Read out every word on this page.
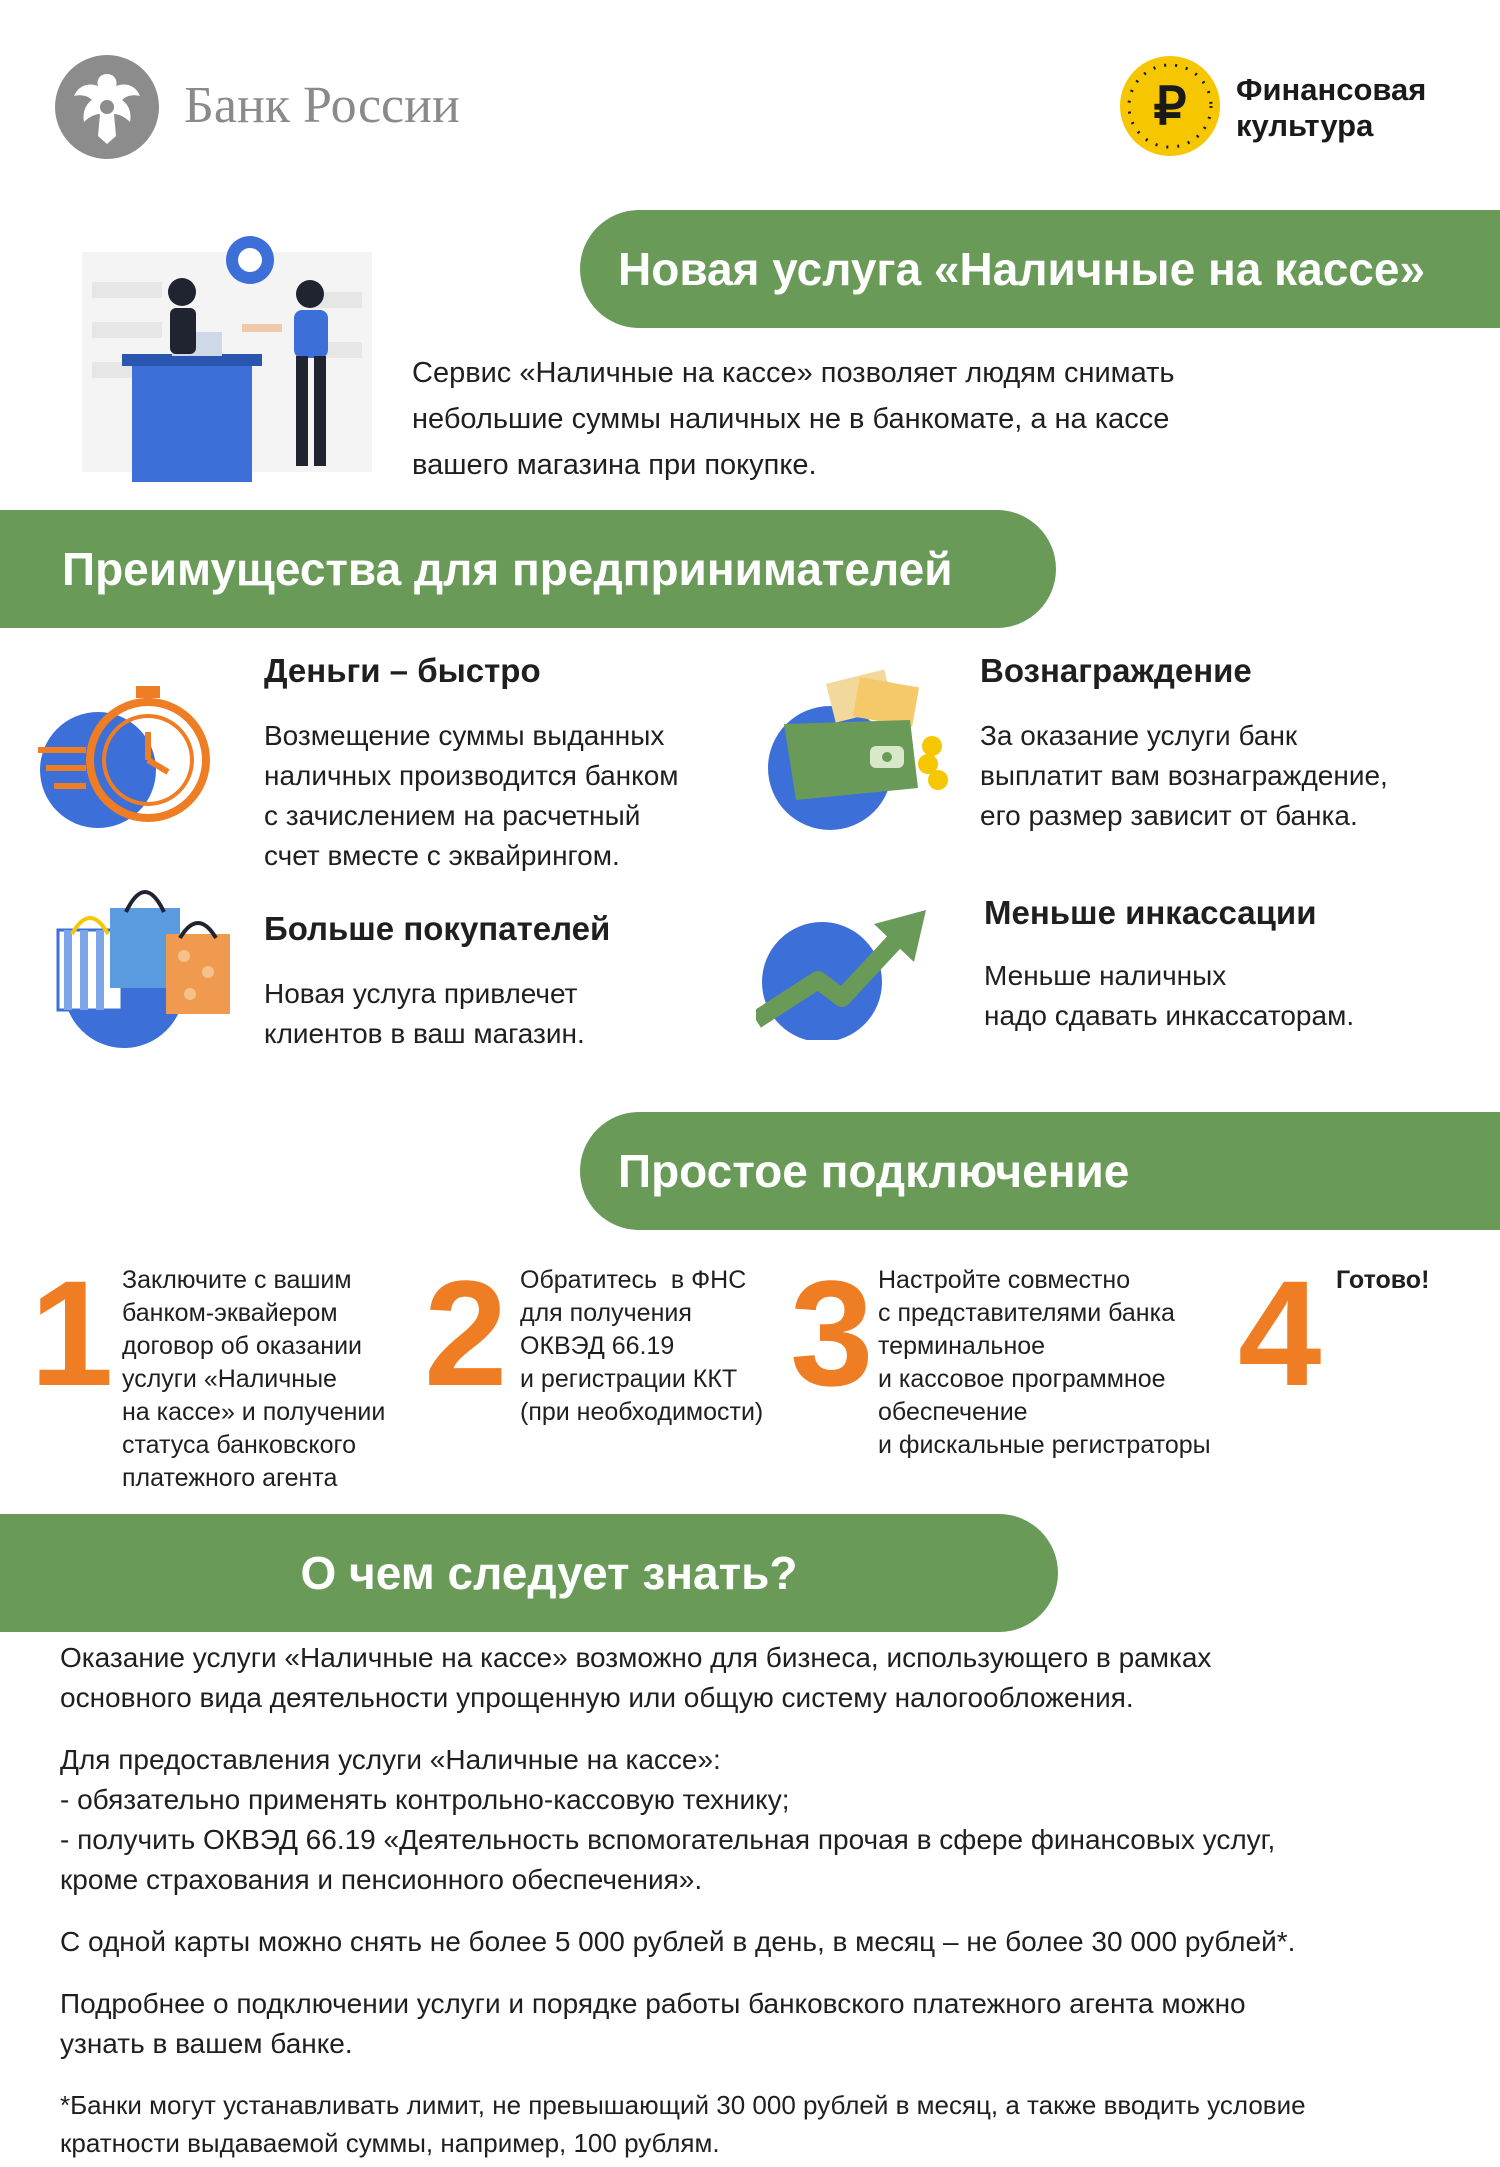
Банк России	₽ Финансовая
культура
Новая услуга «Наличные на кассе»
Сервис «Наличные на кассе» позволяет людям снимать
небольшие суммы наличных не в банкомате, а на кассе
вашего магазина при покупке.
Преимущества для предпринимателей
Деньги – быстро
Возмещение суммы выданных
наличных производится банком
с зачислением на расчетный
счет вместе с эквайрингом.
Вознаграждение
За оказание услуги банк
выплатит вам вознаграждение,
его размер зависит от банка.
Больше покупателей
Новая услуга привлечет
клиентов в ваш магазин.
Меньше инкассации
Меньше наличных
надо сдавать инкассаторам.
Простое подключение
1 Заключите с вашим
банком-эквайером
договор об оказании
услуги «Наличные
на кассе» и получении
статуса банковского
платежного агента
2 Обратитесь  в ФНС
для получения
ОКВЭД 66.19
и регистрации ККТ
(при необходимости) 3 Настройте совместно
с представителями банка
терминальное
и кассовое программное
обеспечение
и фискальные регистраторы
4 Готово!
О чем следует знать?

Оказание услуги «Наличные на кассе» возможно для бизнеса, использующего в рамках

основного вида деятельности упрощенную или общую систему налогообложения.

Для предоставления услуги «Наличные на кассе»:

- обязательно применять контрольно-кассовую технику;

- получить ОКВЭД 66.19 «Деятельность вспомогательная прочая в сфере финансовых услуг,

кроме страхования и пенсионного обеспечения».

С одной карты можно снять не более 5 000 рублей в день, в месяц – не более 30 000 рублей*.

Подробнее о подключении услуги и порядке работы банковского платежного агента можно

узнать в вашем банке.

*Банки могут устанавливать лимит, не превышающий 30 000 рублей в месяц, а также вводить условие

кратности выдаваемой суммы, например, 100 рублям.
